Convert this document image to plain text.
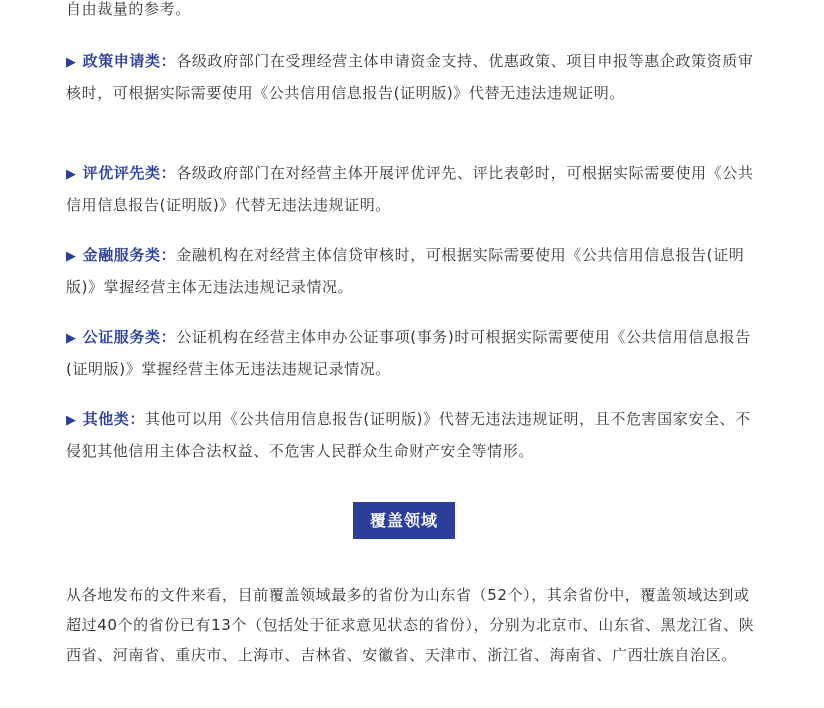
自由裁量的参考。

▶ 政策申请类：各级政府部门在受理经营主体申请资金支持、优惠政策、项目申报等惠企政策资质审核时，可根据实际需要使用《公共信用信息报告(证明版)》代替无违法违规证明。

▶ 评优评先类：各级政府部门在对经营主体开展评优评先、评比表彰时，可根据实际需要使用《公共信用信息报告(证明版)》代替无违法违规证明。

▶ 金融服务类：金融机构在对经营主体信贷审核时，可根据实际需要使用《公共信用信息报告(证明版)》掌握经营主体无违法违规记录情况。

▶ 公证服务类：公证机构在经营主体申办公证事项(事务)时可根据实际需要使用《公共信用信息报告(证明版)》掌握经营主体无违法违规记录情况。

▶ 其他类：其他可以用《公共信用信息报告(证明版)》代替无违法违规证明，且不危害国家安全、不侵犯其他信用主体合法权益、不危害人民群众生命财产安全等情形。

覆盖领域

从各地发布的文件来看，目前覆盖领域最多的省份为山东省（52个），其余省份中，覆盖领域达到或超过40个的省份已有13个（包括处于征求意见状态的省份），分别为北京市、山东省、黑龙江省、陕西省、河南省、重庆市、上海市、吉林省、安徽省、天津市、浙江省、海南省、广西壮族自治区。
